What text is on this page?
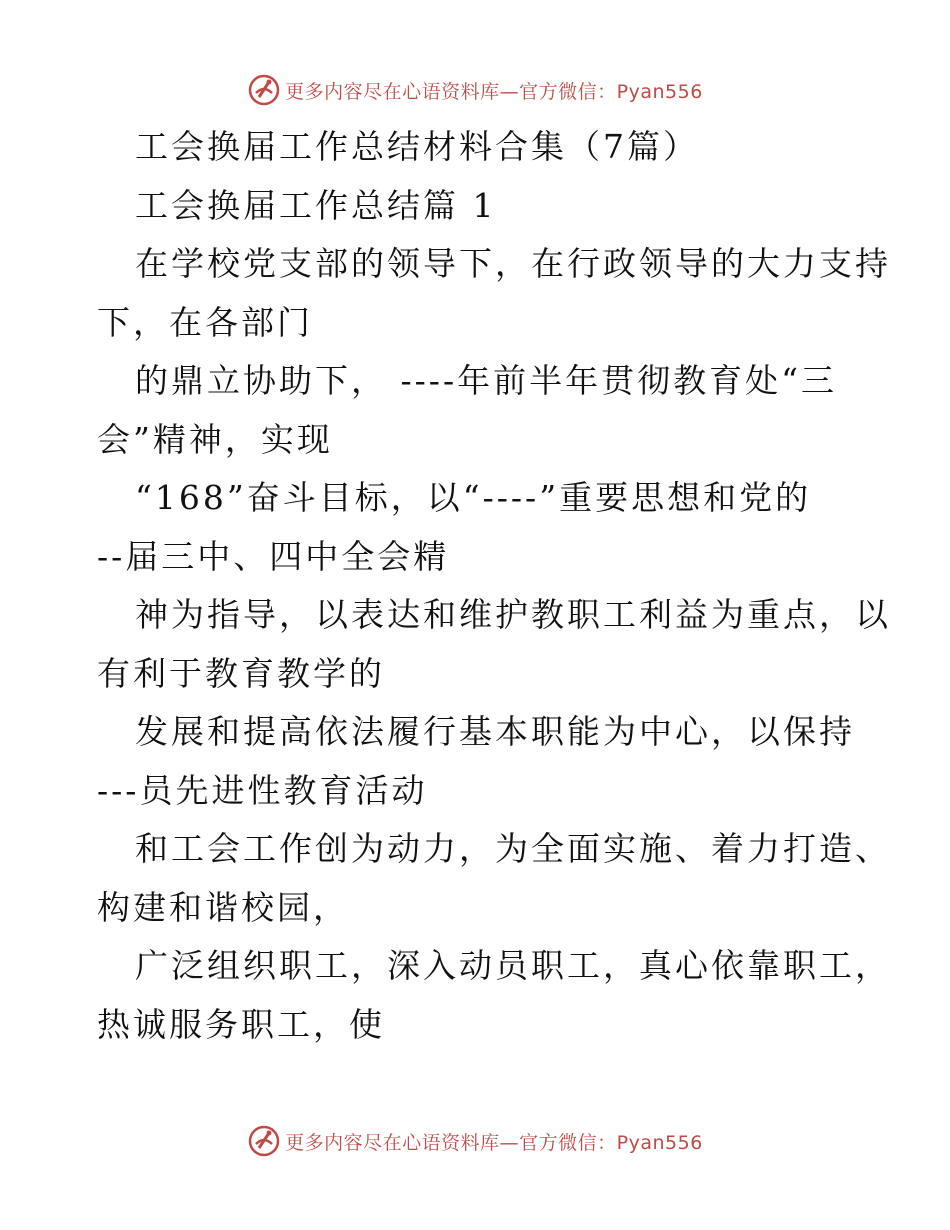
更多内容尽在心语资料库—官方微信：Pyan556
工会换届工作总结材料合集（7篇）
工会换届工作总结篇 1
在学校党支部的领导下，在行政领导的大力支持
下，在各部门
的鼎立协助下， ----年前半年贯彻教育处“三
会”精神，实现
“168”奋斗目标，以“----”重要思想和党的
--届三中、四中全会精
神为指导，以表达和维护教职工利益为重点，以
有利于教育教学的
发展和提高依法履行基本职能为中心，以保持
---员先进性教育活动
和工会工作创为动力，为全面实施、着力打造、
构建和谐校园，
广泛组织职工，深入动员职工，真心依靠职工，
热诚服务职工，使
更多内容尽在心语资料库—官方微信：Pyan556
